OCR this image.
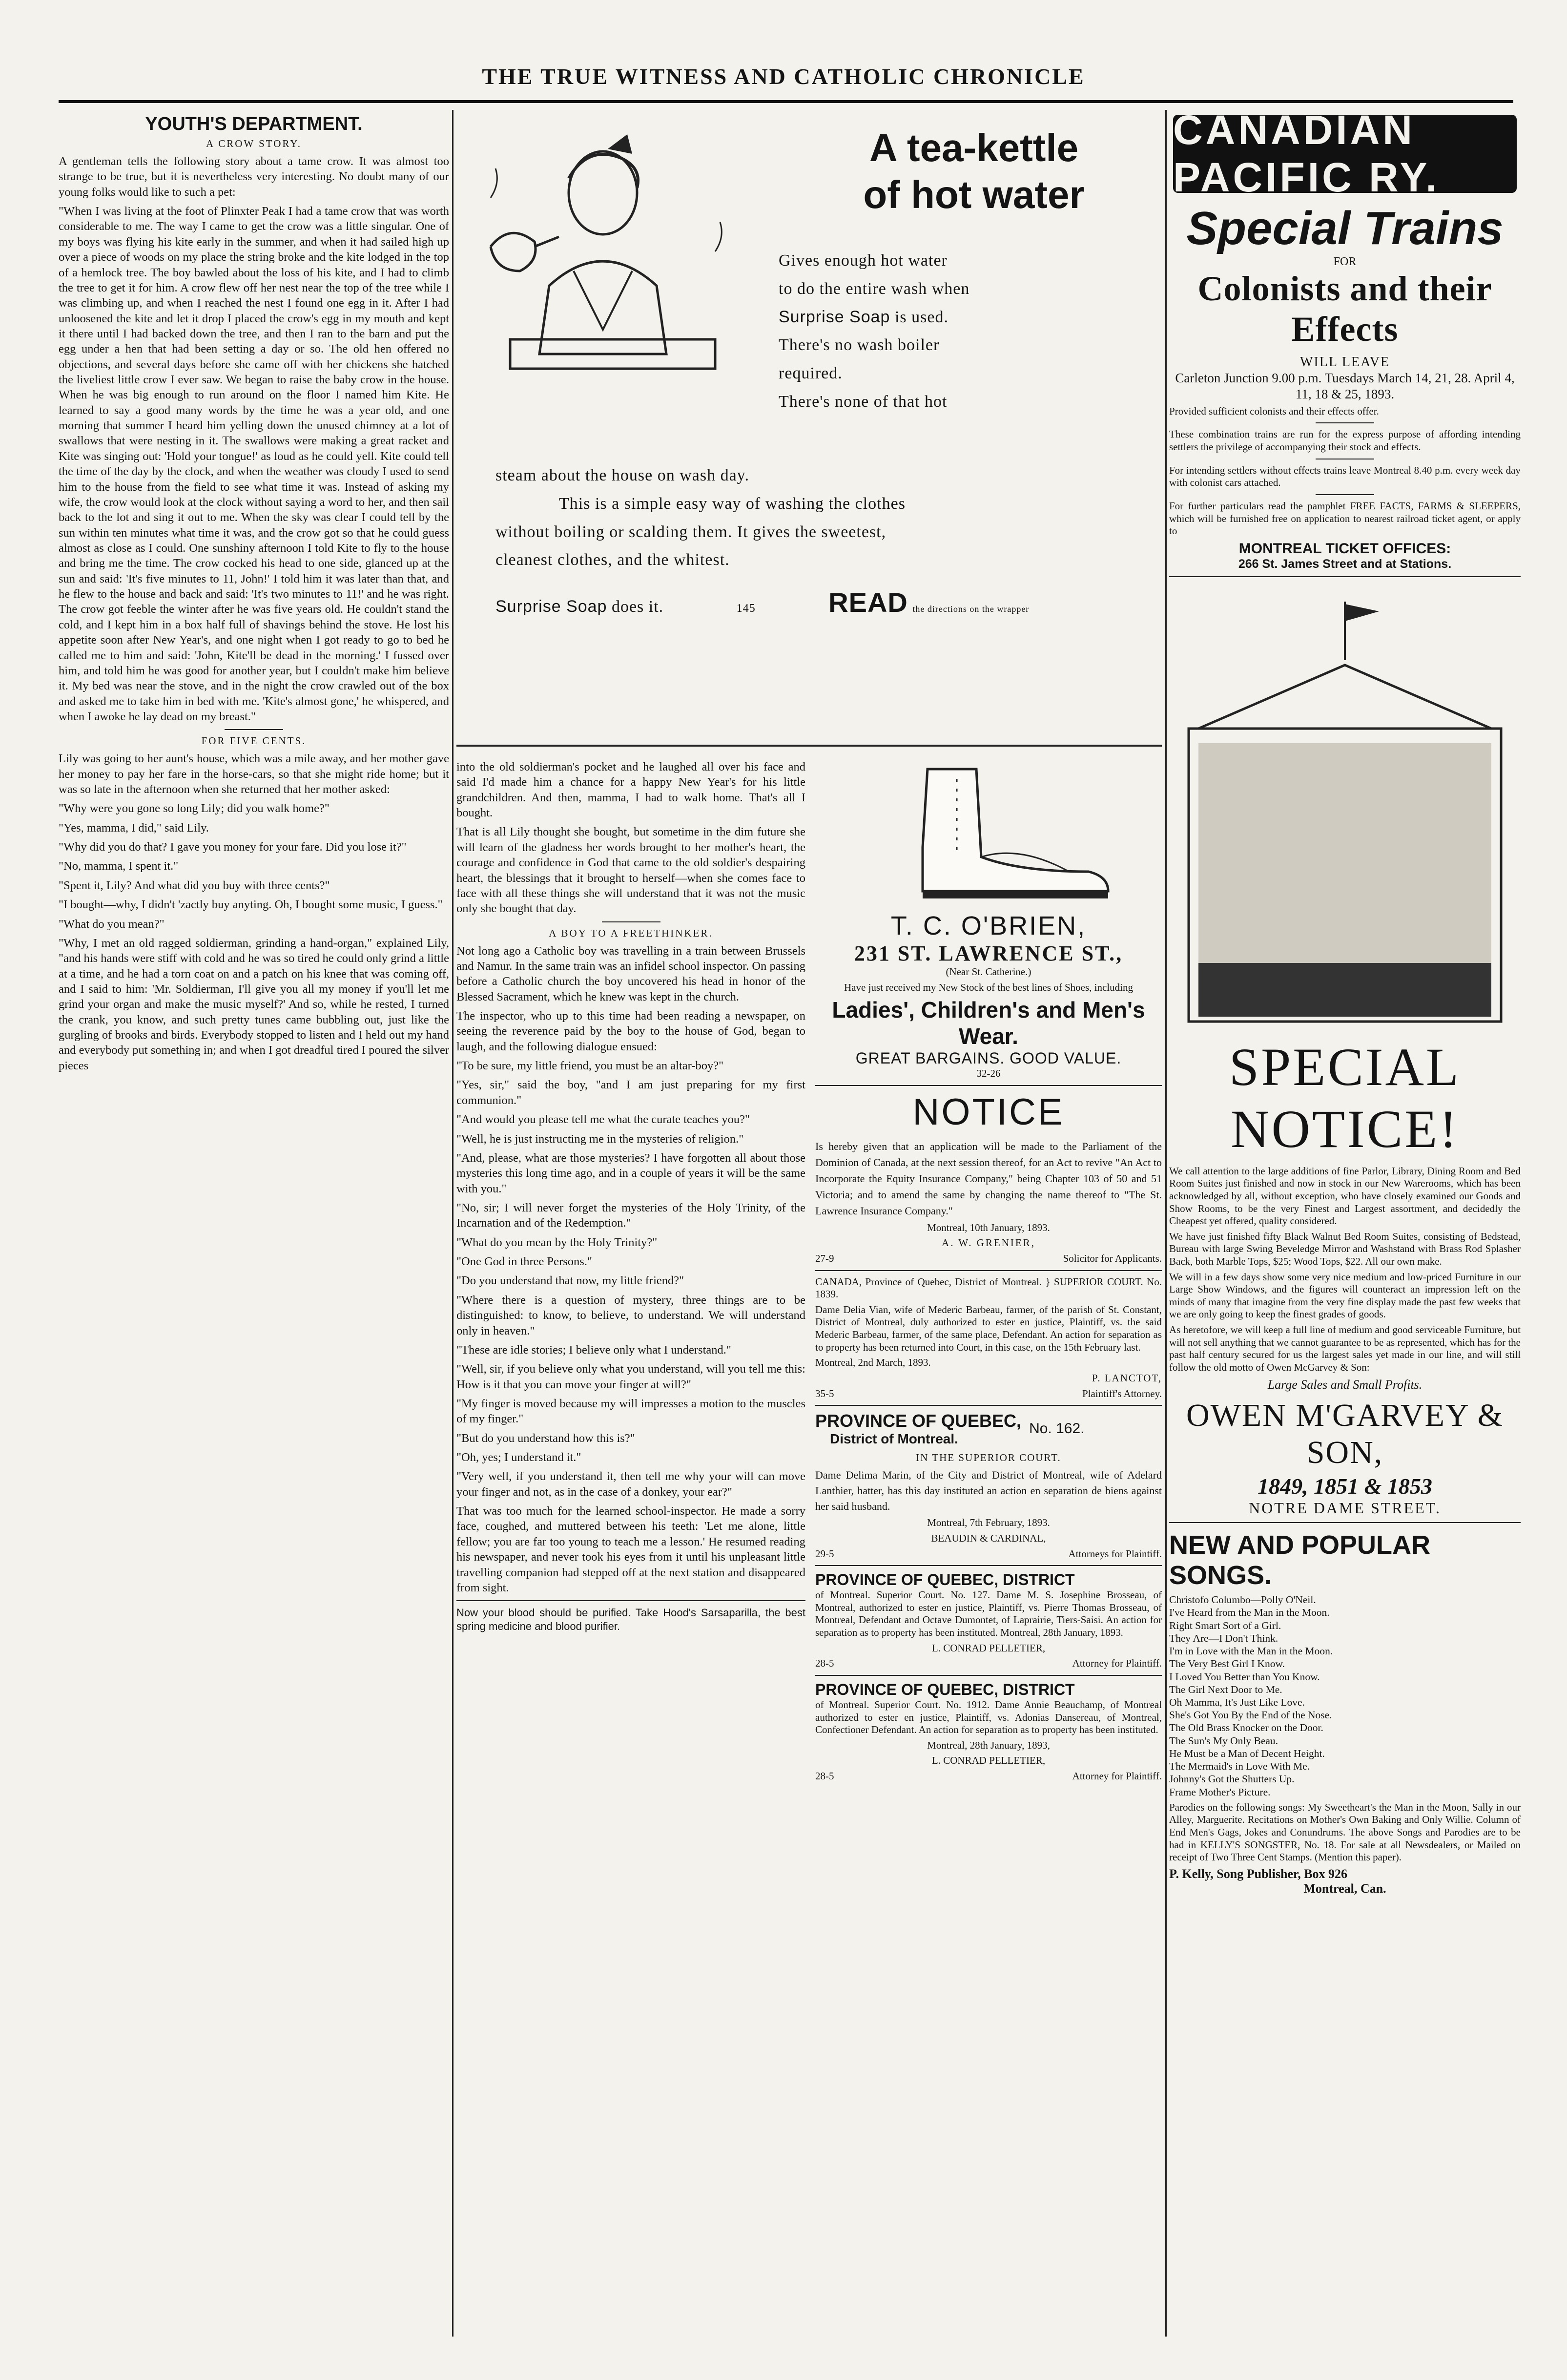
THE TRUE WITNESS AND CATHOLIC CHRONICLE
YOUTH'S DEPARTMENT.
A CROW STORY.

A gentleman tells the following story about a tame crow. It was almost too strange to be true, but it is nevertheless very interesting. No doubt many of our young folks would like to such a pet:

"When I was living at the foot of Plinxter Peak I had a tame crow that was worth considerable to me. The way I came to get the crow was a little singular. One of my boys was flying his kite early in the summer, and when it had sailed high up over a piece of woods on my place the string broke and the kite lodged in the top of a hemlock tree. The boy bawled about the loss of his kite, and I had to climb the tree to get it for him. A crow flew off her nest near the top of the tree while I was climbing up, and when I reached the nest I found one egg in it. After I had unloosened the kite and let it drop I placed the crow's egg in my mouth and kept it there until I had backed down the tree, and then I ran to the barn and put the egg under a hen that had been setting a day or so. The old hen offered no objections, and several days before she came off with her chickens she hatched the liveliest little crow I ever saw. We began to raise the baby crow in the house. When he was big enough to run around on the floor I named him Kite. He learned to say a good many words by the time he was a year old, and one morning that summer I heard him yelling down the unused chimney at a lot of swallows that were nesting in it. The swallows were making a great racket and Kite was singing out: 'Hold your tongue!' as loud as he could yell. Kite could tell the time of the day by the clock, and when the weather was cloudy I used to send him to the house from the field to see what time it was. Instead of asking my wife, the crow would look at the clock without saying a word to her, and then sail back to the lot and sing it out to me. When the sky was clear I could tell by the sun within ten minutes what time it was, and the crow got so that he could guess almost as close as I could. One sunshiny afternoon I told Kite to fly to the house and bring me the time. The crow cocked his head to one side, glanced up at the sun and said: 'It's five minutes to 11, John!' I told him it was later than that, and he flew to the house and back and said: 'It's two minutes to 11!' and he was right. The crow got feeble the winter after he was five years old. He couldn't stand the cold, and I kept him in a box half full of shavings behind the stove. He lost his appetite soon after New Year's, and one night when I got ready to go to bed he called me to him and said: 'John, Kite'll be dead in the morning.' I fussed over him, and told him he was good for another year, but I couldn't make him believe it. My bed was near the stove, and in the night the crow crawled out of the box and asked me to take him in bed with me. 'Kite's almost gone,' he whispered, and when I awoke he lay dead on my breast."

FOR FIVE CENTS.

Lily was going to her aunt's house, which was a mile away, and her mother gave her money to pay her fare in the horse-cars, so that she might ride home; but it was so late in the afternoon when she returned that her mother asked:

"Why were you gone so long Lily; did you walk home?"

"Yes, mamma, I did," said Lily.

"Why did you do that? I gave you money for your fare. Did you lose it?"

"No, mamma, I spent it."

"Spent it, Lily? And what did you buy with three cents?"

"I bought—why, I didn't 'zactly buy anyting. Oh, I bought some music, I guess."

"What do you mean?"

"Why, I met an old ragged soldierman, grinding a hand-organ," explained Lily, "and his hands were stiff with cold and he was so tired he could only grind a little at a time, and he had a torn coat on and a patch on his knee that was coming off, and I said to him: 'Mr. Soldierman, I'll give you all my money if you'll let me grind your organ and make the music myself?' And so, while he rested, I turned the crank, you know, and such pretty tunes came bubbling out, just like the gurgling of brooks and birds. Everybody stopped to listen and I held out my hand and everybody put something in; and when I got dreadful tired I poured the silver pieces

A tea-kettle
of hot water
Gives enough hot water
to do the entire wash when
Surprise Soap is used.
There's no wash boiler
required.
There's none of that hot
steam about the house on wash day.
This is a simple easy way of washing the clothes
without boiling or scalding them. It gives the sweetest,
cleanest clothes, and the whitest.
Surprise Soap does it.	145	READ the directions on the wrapper

into the old soldierman's pocket and he laughed all over his face and said I'd made him a chance for a happy New Year's for his little grandchildren. And then, mamma, I had to walk home. That's all I bought.

That is all Lily thought she bought, but sometime in the dim future she will learn of the gladness her words brought to her mother's heart, the courage and confidence in God that came to the old soldier's despairing heart, the blessings that it brought to herself—when she comes face to face with all these things she will understand that it was not the music only she bought that day.

A BOY TO A FREETHINKER.

Not long ago a Catholic boy was travelling in a train between Brussels and Namur. In the same train was an infidel school inspector. On passing before a Catholic church the boy uncovered his head in honor of the Blessed Sacrament, which he knew was kept in the church.

The inspector, who up to this time had been reading a newspaper, on seeing the reverence paid by the boy to the house of God, began to laugh, and the following dialogue ensued:

"To be sure, my little friend, you must be an altar-boy?"

"Yes, sir," said the boy, "and I am just preparing for my first communion."

"And would you please tell me what the curate teaches you?"

"Well, he is just instructing me in the mysteries of religion."

"And, please, what are those mysteries? I have forgotten all about those mysteries this long time ago, and in a couple of years it will be the same with you."

"No, sir; I will never forget the mysteries of the Holy Trinity, of the Incarnation and of the Redemption."

"What do you mean by the Holy Trinity?"

"One God in three Persons."

"Do you understand that now, my little friend?"

"Where there is a question of mystery, three things are to be distinguished: to know, to believe, to understand. We will understand only in heaven."

"These are idle stories; I believe only what I understand."

"Well, sir, if you believe only what you understand, will you tell me this: How is it that you can move your finger at will?"

"My finger is moved because my will impresses a motion to the muscles of my finger."

"But do you understand how this is?"

"Oh, yes; I understand it."

"Very well, if you understand it, then tell me why your will can move your finger and not, as in the case of a donkey, your ear?"

That was too much for the learned school-inspector. He made a sorry face, coughed, and muttered between his teeth: 'Let me alone, little fellow; you are far too young to teach me a lesson.' He resumed reading his newspaper, and never took his eyes from it until his unpleasant little travelling companion had stepped off at the next station and disappeared from sight.

Now your blood should be purified. Take Hood's Sarsaparilla, the best spring medicine and blood purifier.

T. C. O'BRIEN,
231 ST. LAWRENCE ST.,
(Near St. Catherine.)
Have just received my New Stock of the best lines of Shoes, including
Ladies', Children's and Men's Wear.
GREAT BARGAINS. GOOD VALUE.
32-26
NOTICE

Is hereby given that an application will be made to the Parliament of the Dominion of Canada, at the next session thereof, for an Act to revive "An Act to Incorporate the Equity Insurance Company," being Chapter 103 of 50 and 51 Victoria; and to amend the same by changing the name thereof to "The St. Lawrence Insurance Company."

Montreal, 10th January, 1893.

A. W. GRENIER,

27-9	Solicitor for Applicants.

CANADA, Province of Quebec, District of Montreal. } SUPERIOR COURT. No. 1839.

Dame Delia Vian, wife of Mederic Barbeau, farmer, of the parish of St. Constant, District of Montreal, duly authorized to ester en justice, Plaintiff, vs. the said Mederic Barbeau, farmer, of the same place, Defendant. An action for separation as to property has been returned into Court, in this case, on the 15th February last.

Montreal, 2nd March, 1893.

P. LANCTOT,

35-5	Plaintiff's Attorney.

PROVINCE OF QUEBEC,
District of Montreal.
No. 162.

IN THE SUPERIOR COURT.

Dame Delima Marin, of the City and District of Montreal, wife of Adelard Lanthier, hatter, has this day instituted an action en separation de biens against her said husband.

Montreal, 7th February, 1893.

BEAUDIN & CARDINAL,

29-5	Attorneys for Plaintiff.

PROVINCE OF QUEBEC, DISTRICT

of Montreal. Superior Court. No. 127. Dame M. S. Josephine Brosseau, of Montreal, authorized to ester en justice, Plaintiff, vs. Pierre Thomas Brosseau, of Montreal, Defendant and Octave Dumontet, of Laprairie, Tiers-Saisi. An action for separation as to property has been instituted. Montreal, 28th January, 1893.

L. CONRAD PELLETIER,

28-5	Attorney for Plaintiff.

PROVINCE OF QUEBEC, DISTRICT

of Montreal. Superior Court. No. 1912. Dame Annie Beauchamp, of Montreal authorized to ester en justice, Plaintiff, vs. Adonias Dansereau, of Montreal, Confectioner Defendant. An action for separation as to property has been instituted.

Montreal, 28th January, 1893,

L. CONRAD PELLETIER,

28-5	Attorney for Plaintiff.

CANADIAN PACIFIC RY.
Special Trains
FOR
Colonists and their Effects
WILL LEAVE

Carleton Junction 9.00 p.m. Tuesdays March 14, 21, 28. April 4, 11, 18 & 25, 1893.

Provided sufficient colonists and their effects offer.

These combination trains are run for the express purpose of affording intending settlers the privilege of accompanying their stock and effects.

For intending settlers without effects trains leave Montreal 8.40 p.m. every week day with colonist cars attached.

For further particulars read the pamphlet FREE FACTS, FARMS & SLEEPERS, which will be furnished free on application to nearest railroad ticket agent, or apply to

MONTREAL TICKET OFFICES:
266 St. James Street and at Stations.
SPECIAL NOTICE!

We call attention to the large additions of fine Parlor, Library, Dining Room and Bed Room Suites just finished and now in stock in our New Warerooms, which has been acknowledged by all, without exception, who have closely examined our Goods and Show Rooms, to be the very Finest and Largest assortment, and decidedly the Cheapest yet offered, quality considered.

We have just finished fifty Black Walnut Bed Room Suites, consisting of Bedstead, Bureau with large Swing Beveledge Mirror and Washstand with Brass Rod Splasher Back, both Marble Tops, $25; Wood Tops, $22. All our own make.

We will in a few days show some very nice medium and low-priced Furniture in our Large Show Windows, and the figures will counteract an impression left on the minds of many that imagine from the very fine display made the past few weeks that we are only going to keep the finest grades of goods.

As heretofore, we will keep a full line of medium and good serviceable Furniture, but will not sell anything that we cannot guarantee to be as represented, which has for the past half century secured for us the largest sales yet made in our line, and will still follow the old motto of Owen McGarvey & Son:

Large Sales and Small Profits.

OWEN M'GARVEY & SON,
1849, 1851 & 1853
NOTRE DAME STREET.
NEW AND POPULAR SONGS.
Christofo Columbo—Polly O'Neil.
I've Heard from the Man in the Moon.
Right Smart Sort of a Girl.
They Are—I Don't Think.
I'm in Love with the Man in the Moon.
The Very Best Girl I Know.
I Loved You Better than You Know.
The Girl Next Door to Me.
Oh Mamma, It's Just Like Love.
She's Got You By the End of the Nose.
The Old Brass Knocker on the Door.
The Sun's My Only Beau.
He Must be a Man of Decent Height.
The Mermaid's in Love With Me.
Johnny's Got the Shutters Up.
Frame Mother's Picture.

Parodies on the following songs: My Sweetheart's the Man in the Moon, Sally in our Alley, Marguerite. Recitations on Mother's Own Baking and Only Willie. Column of End Men's Gags, Jokes and Conundrums. The above Songs and Parodies are to be had in KELLY'S SONGSTER, No. 18. For sale at all Newsdealers, or Mailed on receipt of Two Three Cent Stamps. (Mention this paper).

P. Kelly, Song Publisher, Box 926
Montreal, Can.
